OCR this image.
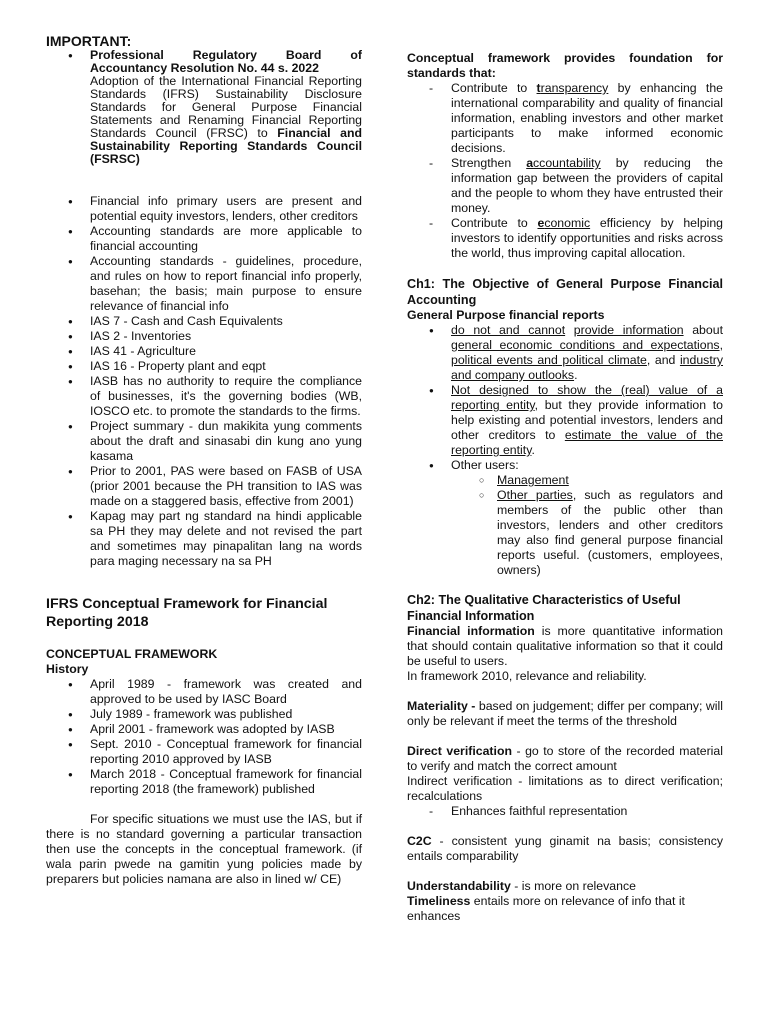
IMPORTANT:
● Professional Regulatory Board of Accountancy Resolution No. 44 s. 2022
Adoption of the International Financial Reporting Standards (IFRS) Sustainability Disclosure Standards for General Purpose Financial Statements and Renaming Financial Reporting Standards Council (FRSC) to Financial and Sustainability Reporting Standards Council (FSRSC)
● Financial info primary users are present and potential equity investors, lenders, other creditors
● Accounting standards are more applicable to financial accounting
● Accounting standards - guidelines, procedure, and rules on how to report financial info properly, basehan; the basis; main purpose to ensure relevance of financial info
● IAS 7 - Cash and Cash Equivalents
● IAS 2 - Inventories
● IAS 41 - Agriculture
● IAS 16 - Property plant and eqpt
● IASB has no authority to require the compliance of businesses, it's the governing bodies (WB, IOSCO etc. to promote the standards to the firms.
● Project summary - dun makikita yung comments about the draft and sinasabi din kung ano yung kasama
● Prior to 2001, PAS were based on FASB of USA (prior 2001 because the PH transition to IAS was made on a staggered basis, effective from 2001)
● Kapag may part ng standard na hindi applicable sa PH they may delete and not revised the part and sometimes may pinapalitan lang na words para maging necessary na sa PH
IFRS Conceptual Framework for Financial Reporting 2018
CONCEPTUAL FRAMEWORK
History
● April 1989 - framework was created and approved to be used by IASC Board
● July 1989 - framework was published
● April 2001 - framework was adopted by IASB
● Sept. 2010 - Conceptual framework for financial reporting 2010 approved by IASB
● March 2018 - Conceptual framework for financial reporting 2018 (the framework) published
For specific situations we must use the IAS, but if there is no standard governing a particular transaction then use the concepts in the conceptual framework. (if wala parin pwede na gamitin yung policies made by preparers but policies namana are also in lined w/ CE)
Conceptual framework provides foundation for standards that:
- Contribute to transparency by enhancing the international comparability and quality of financial information, enabling investors and other market participants to make informed economic decisions.
- Strengthen accountability by reducing the information gap between the providers of capital and the people to whom they have entrusted their money.
- Contribute to economic efficiency by helping investors to identify opportunities and risks across the world, thus improving capital allocation.
Ch1: The Objective of General Purpose Financial Accounting
General Purpose financial reports
● do not and cannot provide information about general economic conditions and expectations, political events and political climate, and industry and company outlooks.
● Not designed to show the (real) value of a reporting entity, but they provide information to help existing and potential investors, lenders and other creditors to estimate the value of the reporting entity.
● Other users:
○ Management
○ Other parties, such as regulators and members of the public other than investors, lenders and other creditors may also find general purpose financial reports useful. (customers, employees, owners)
Ch2: The Qualitative Characteristics of Useful Financial Information
Financial information is more quantitative information that should contain qualitative information so that it could be useful to users.
In framework 2010, relevance and reliability.
Materiality - based on judgement; differ per company; will only be relevant if meet the terms of the threshold
Direct verification - go to store of the recorded material to verify and match the correct amount
Indirect verification - limitations as to direct verification; recalculations
- Enhances faithful representation
C2C - consistent yung ginamit na basis; consistency entails comparability
Understandability - is more on relevance
Timeliness entails more on relevance of info that it enhances
